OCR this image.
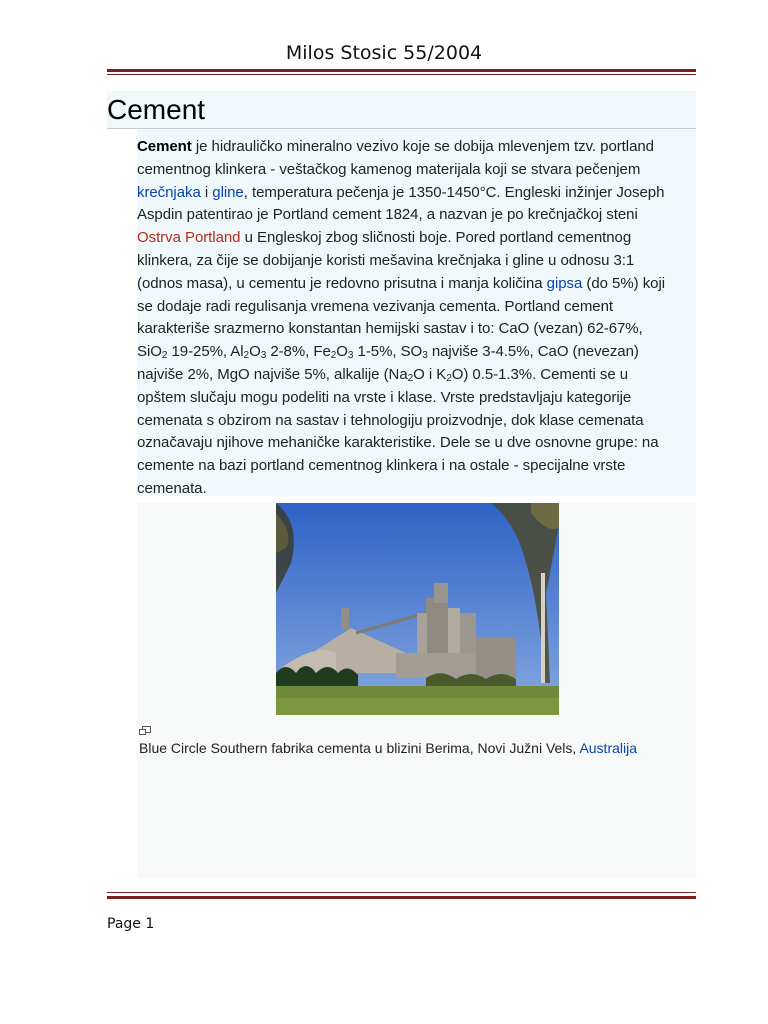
Milos Stosic 55/2004
Cement
Cement je hidrauličko mineralno vezivo koje se dobija mlevenjem tzv. portland
cementnog klinkera - veštačkog kamenog materijala koji se stvara pečenjem
krečnjaka i gline, temperatura pečenja je 1350-1450°C. Engleski inžinjer Joseph
Aspdin patentirao je Portland cement 1824, a nazvan je po krečnjačkoj steni
Ostrva Portland u Engleskoj zbog sličnosti boje. Pored portland cementnog
klinkera, za čije se dobijanje koristi mešavina krečnjaka i gline u odnosu 3:1
(odnos masa), u cementu je redovno prisutna i manja količina gipsa (do 5%) koji
se dodaje radi regulisanja vremena vezivanja cementa. Portland cement
karakteriše srazmerno konstantan hemijski sastav i to: CaO (vezan) 62-67%,
SiO$_2$ 19-25%, $Al_2O_3$ 2-8%, $Fe_2O_3$ 1-5%, $SO_3$ najviše 3-4.5%, CaO (nevezan)
najviše 2%, MgO najviše 5%, alkalije ($Na_2O$ i $K_2O$) 0.5-1.3%. Cementi se u
opštem slučaju mogu podeliti na vrste i klase. Vrste predstavljaju kategorije
cemenata s obzirom na sastav i tehnologiju proizvodnje, dok klase cemenata
označavaju njihove mehaničke karakteristike. Dele se u dve osnovne grupe: na
cemente na bazi portland cementnog klinkera i na ostale - specijalne vrste
cemenata.
Blue Circle Southern fabrika cementa u blizini Berima, Novi Južni Vels, Australija
Page 1
